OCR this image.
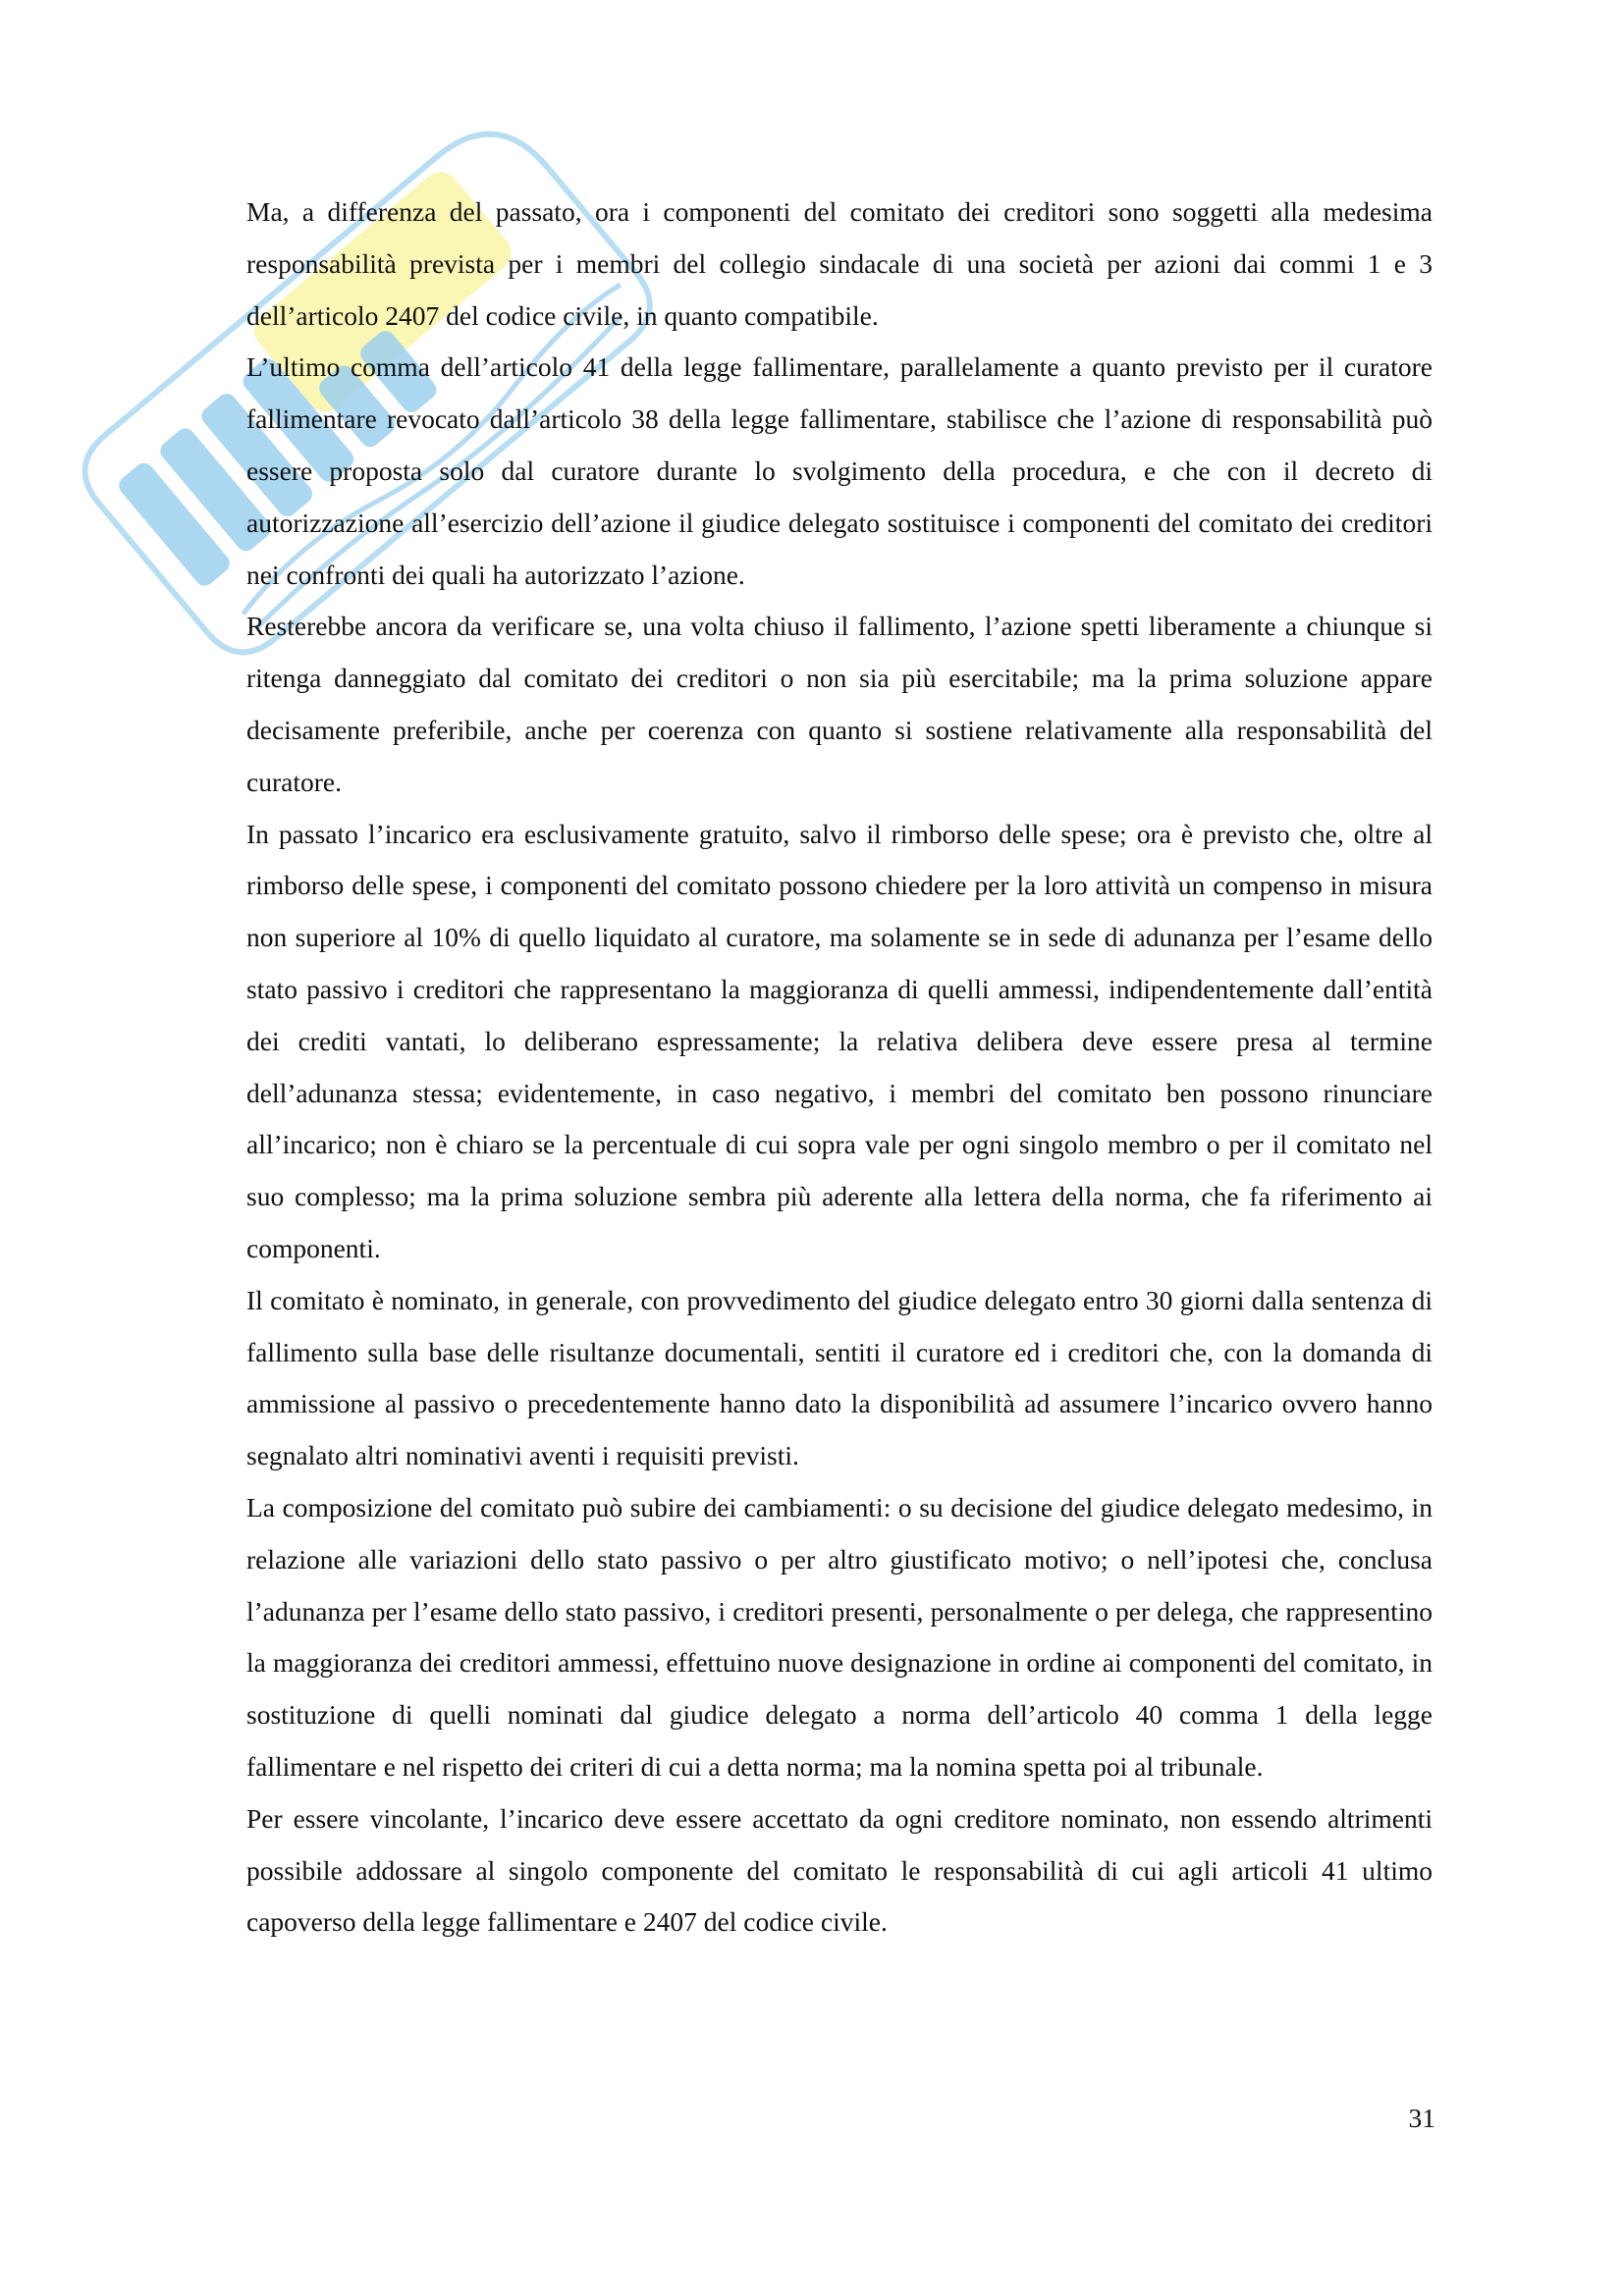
Ma, a differenza del passato, ora i componenti del comitato dei creditori sono soggetti alla medesima responsabilità prevista per i membri del collegio sindacale di una società per azioni dai commi 1 e 3 dell’articolo 2407 del codice civile, in quanto compatibile.

L’ultimo comma dell’articolo 41 della legge fallimentare, parallelamente a quanto previsto per il curatore fallimentare revocato dall’articolo 38 della legge fallimentare, stabilisce che l’azione di responsabilità può essere proposta solo dal curatore durante lo svolgimento della procedura, e che con il decreto di autorizzazione all’esercizio dell’azione il giudice delegato sostituisce i componenti del comitato dei creditori nei confronti dei quali ha autorizzato l’azione.

Resterebbe ancora da verificare se, una volta chiuso il fallimento, l’azione spetti liberamente a chiunque si ritenga danneggiato dal comitato dei creditori o non sia più esercitabile; ma la prima soluzione appare decisamente preferibile, anche per coerenza con quanto si sostiene relativamente alla responsabilità del curatore.

In passato l’incarico era esclusivamente gratuito, salvo il rimborso delle spese; ora è previsto che, oltre al rimborso delle spese, i componenti del comitato possono chiedere per la loro attività un compenso in misura non superiore al 10% di quello liquidato al curatore, ma solamente se in sede di adunanza per l’esame dello stato passivo i creditori che rappresentano la maggioranza di quelli ammessi, indipendentemente dall’entità dei crediti vantati, lo deliberano espressamente; la relativa delibera deve essere presa al termine dell’adunanza stessa; evidentemente, in caso negativo, i membri del comitato ben possono rinunciare all’incarico; non è chiaro se la percentuale di cui sopra vale per ogni singolo membro o per il comitato nel suo complesso; ma la prima soluzione sembra più aderente alla lettera della norma, che fa riferimento ai componenti.

Il comitato è nominato, in generale, con provvedimento del giudice delegato entro 30 giorni dalla sentenza di fallimento sulla base delle risultanze documentali, sentiti il curatore ed i creditori che, con la domanda di ammissione al passivo o precedentemente hanno dato la disponibilità ad assumere l’incarico ovvero hanno segnalato altri nominativi aventi i requisiti previsti.

La composizione del comitato può subire dei cambiamenti: o su decisione del giudice delegato medesimo, in relazione alle variazioni dello stato passivo o per altro giustificato motivo; o nell’ipotesi che, conclusa l’adunanza per l’esame dello stato passivo, i creditori presenti, personalmente o per delega, che rappresentino la maggioranza dei creditori ammessi, effettuino nuove designazione in ordine ai componenti del comitato, in sostituzione di quelli nominati dal giudice delegato a norma dell’articolo 40 comma 1 della legge fallimentare e nel rispetto dei criteri di cui a detta norma; ma la nomina spetta poi al tribunale.

Per essere vincolante, l’incarico deve essere accettato da ogni creditore nominato, non essendo altrimenti possibile addossare al singolo componente del comitato le responsabilità di cui agli articoli 41 ultimo capoverso della legge fallimentare e 2407 del codice civile.

31
